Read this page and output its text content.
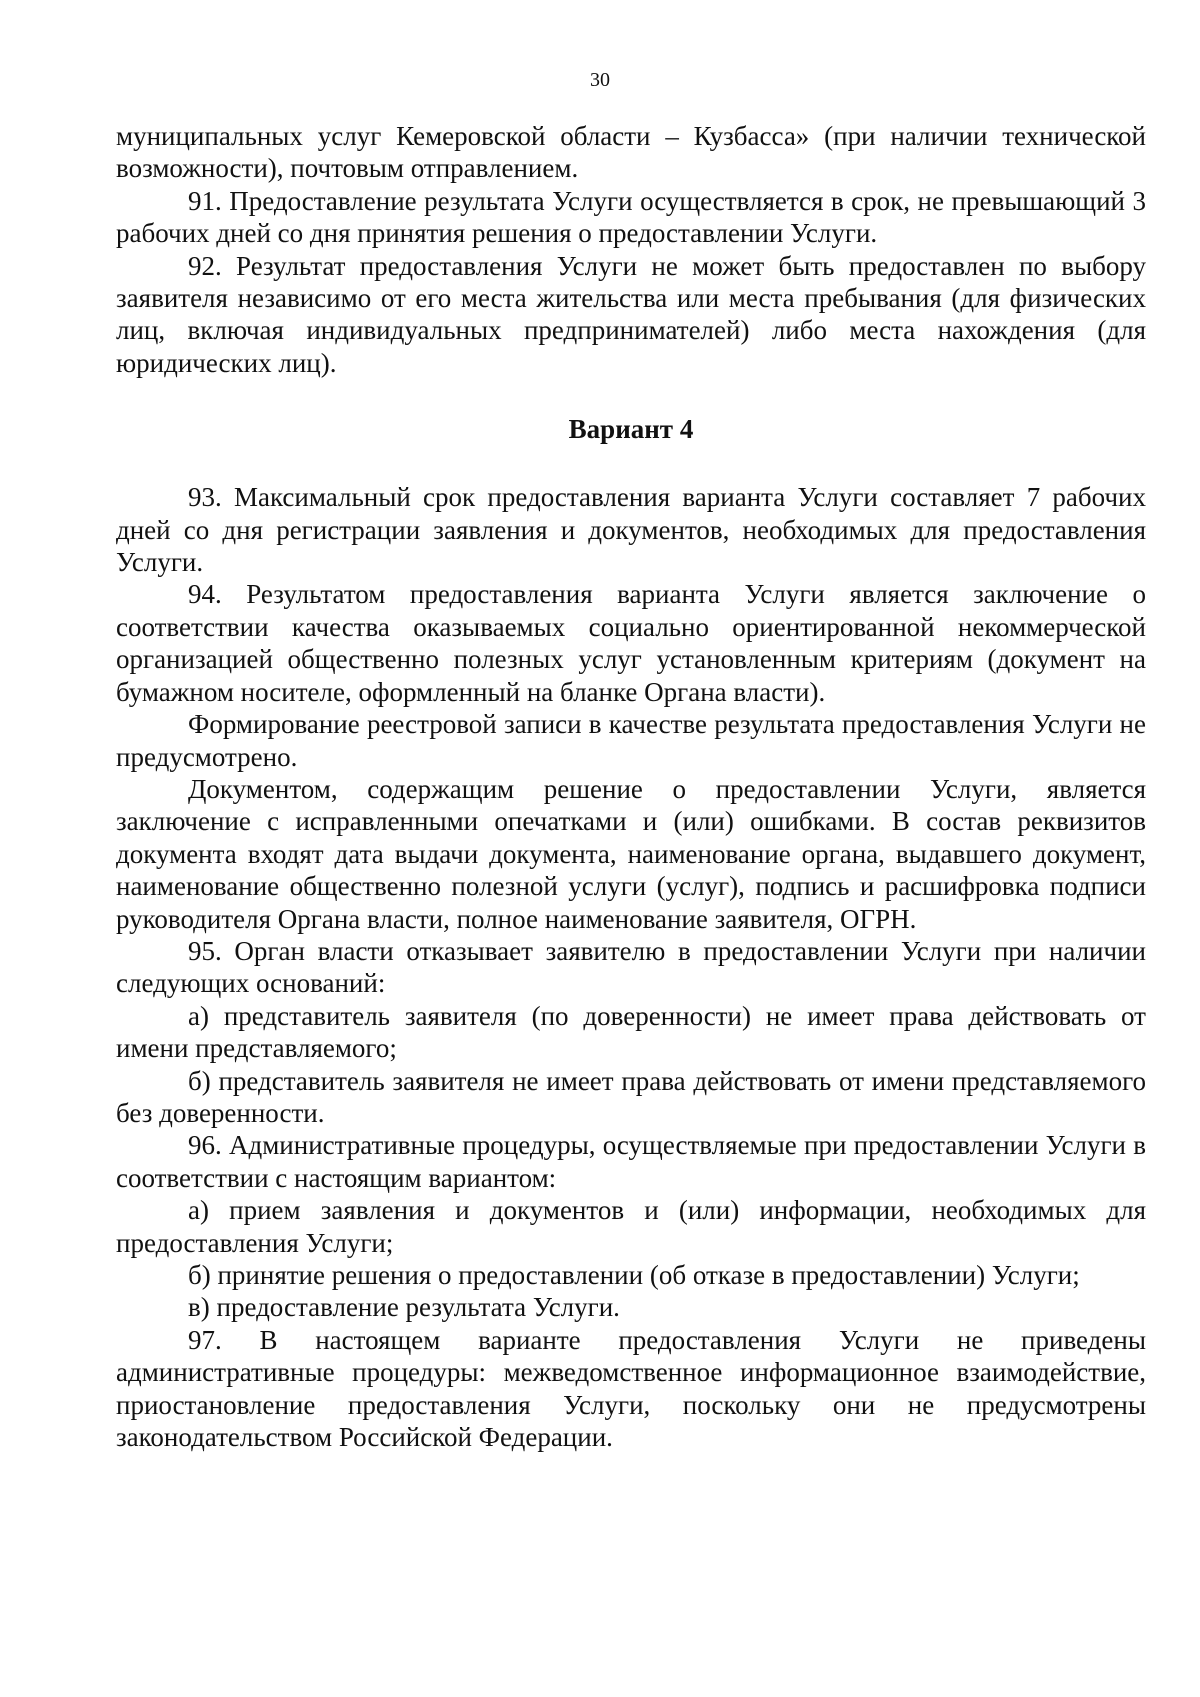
30

муниципальных услуг Кемеровской области – Кузбасса» (при наличии технической возможности), почтовым отправлением.

91. Предоставление результата Услуги осуществляется в срок, не превышающий 3 рабочих дней со дня принятия решения о предоставлении Услуги.

92. Результат предоставления Услуги не может быть предоставлен по выбору заявителя независимо от его места жительства или места пребывания (для физических лиц, включая индивидуальных предпринимателей) либо места нахождения (для юридических лиц).

Вариант 4

93. Максимальный срок предоставления варианта Услуги составляет 7 рабочих дней со дня регистрации заявления и документов, необходимых для предоставления Услуги.

94. Результатом предоставления варианта Услуги является заключение о соответствии качества оказываемых социально ориентированной некоммерческой организацией общественно полезных услуг установленным критериям (документ на бумажном носителе, оформленный на бланке Органа власти).

Формирование реестровой записи в качестве результата предоставления Услуги не предусмотрено.

Документом, содержащим решение о предоставлении Услуги, является заключение с исправленными опечатками и (или) ошибками. В состав реквизитов документа входят дата выдачи документа, наименование органа, выдавшего документ, наименование общественно полезной услуги (услуг), подпись и расшифровка подписи руководителя Органа власти, полное наименование заявителя, ОГРН.

95. Орган власти отказывает заявителю в предоставлении Услуги при наличии следующих оснований:

а) представитель заявителя (по доверенности) не имеет права действовать от имени представляемого;

б) представитель заявителя не имеет права действовать от имени представляемого без доверенности.

96. Административные процедуры, осуществляемые при предоставлении Услуги в соответствии с настоящим вариантом:

а) прием заявления и документов и (или) информации, необходимых для предоставления Услуги;

б) принятие решения о предоставлении (об отказе в предоставлении) Услуги;

в) предоставление результата Услуги.

97. В настоящем варианте предоставления Услуги не приведены административные процедуры: межведомственное информационное взаимодействие, приостановление предоставления Услуги, поскольку они не предусмотрены законодательством Российской Федерации.
